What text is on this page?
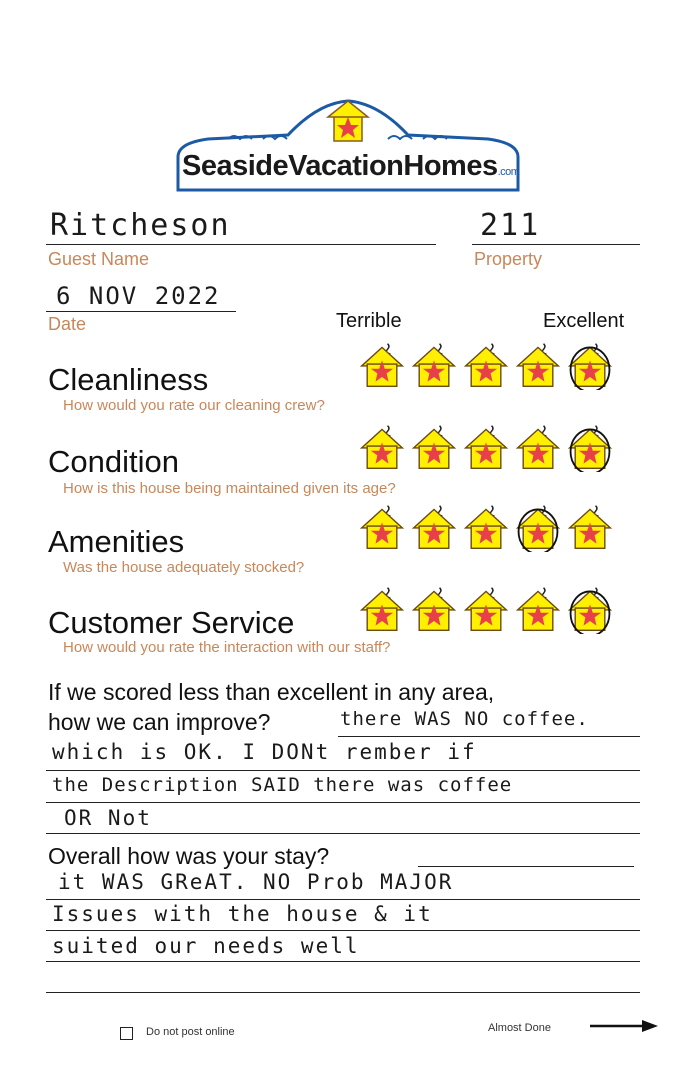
SeasideVacationHomes.com
Ritcheson
Guest Name
211
Property
6 NOV 2022
Date	Terrible	Excellent
Cleanliness
How would you rate our cleaning crew?
Condition
How is this house being maintained given its age?
Amenities
Was the house adequately stocked?
Customer Service
How would you rate the interaction with our staff?
If we scored less than excellent in any area,
how we can improve?	there WAS NO coffee.
which is OK. I DONt rember if
the Description SAID there was coffee
OR Not
Overall how was your stay?
it WAS GReAT. NO Prob MAJOR
Issues with the house & it
suited our needs well
Do not post online	Almost Done
